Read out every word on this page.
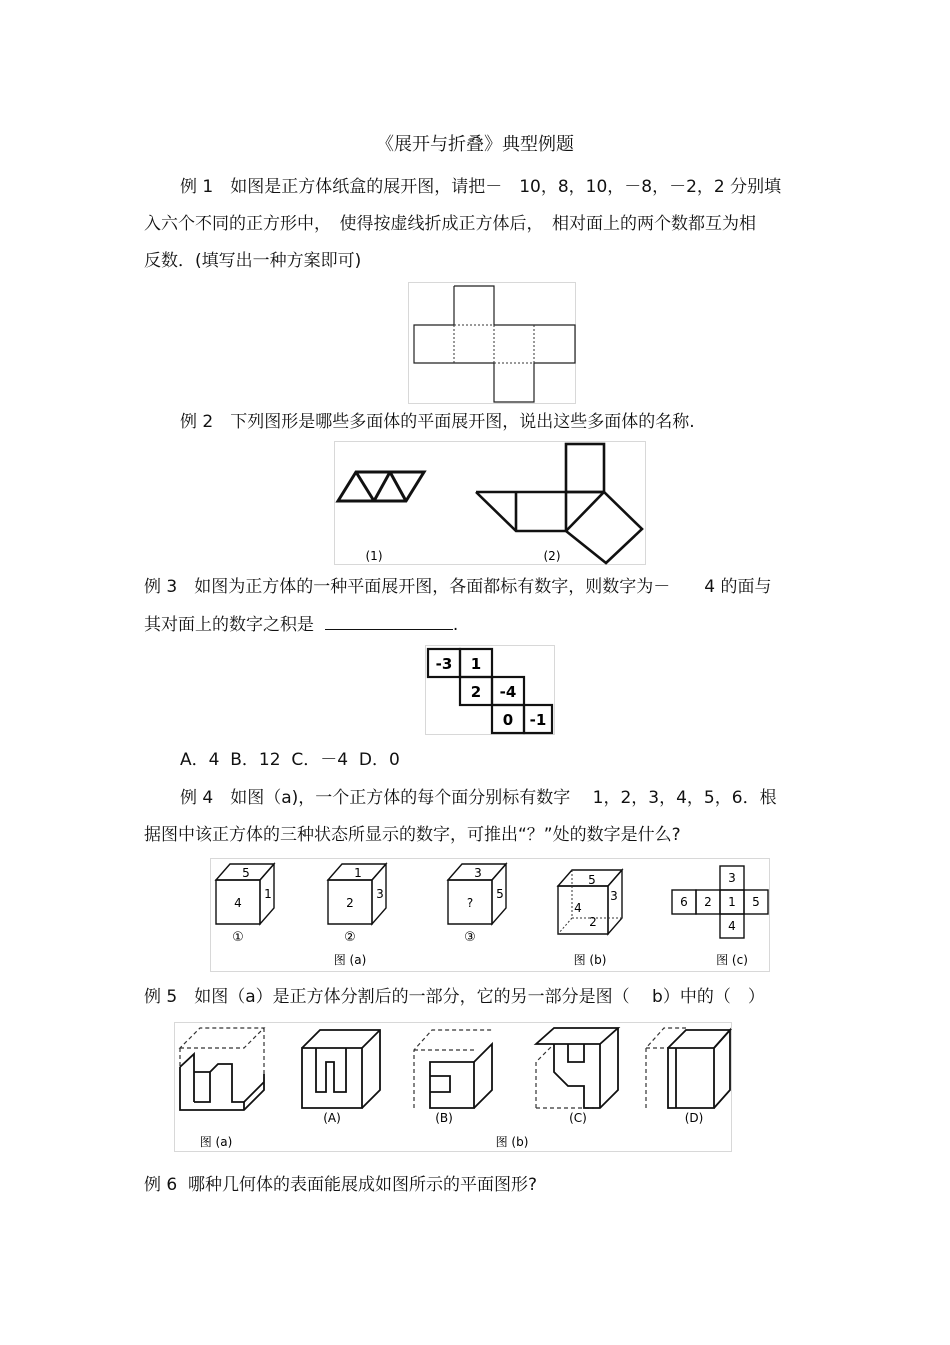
《展开与折叠》典型例题

例 1　如图是正方体纸盒的展开图，请把－　10，8，10，－8，－2，2 分别填

入六个不同的正方形中，　使得按虚线折成正方体后，　相对面上的两个数都互为相

反数．(填写出一种方案即可)

例 2　下列图形是哪些多面体的平面展开图，说出这些多面体的名称.

(1)	(2)

例 3　如图为正方体的一种平面展开图，各面都标有数字，则数字为－　　4 的面与

其对面上的数字之积是	.

-3 1
2 -4
0 -1

A．4  B．12  C．－4  D．0

例 4　如图（a)，一个正方体的每个面分别标有数字　 1，2，3，4，5，6．根

据图中该正方体的三种状态所显示的数字，可推出“？”处的数字是什么?

5
4
1
①
1
2
3
②
3
?
5
③
5
2
3
4
3
6 2 1 5
4
图 (a)	图 (b)	图 (c)

例 5　如图（a）是正方体分割后的一部分，它的另一部分是图（　 b）中的（　）

(A)	(B)	(C)	(D)
图 (a)	图 (b)

例 6  哪种几何体的表面能展成如图所示的平面图形?
